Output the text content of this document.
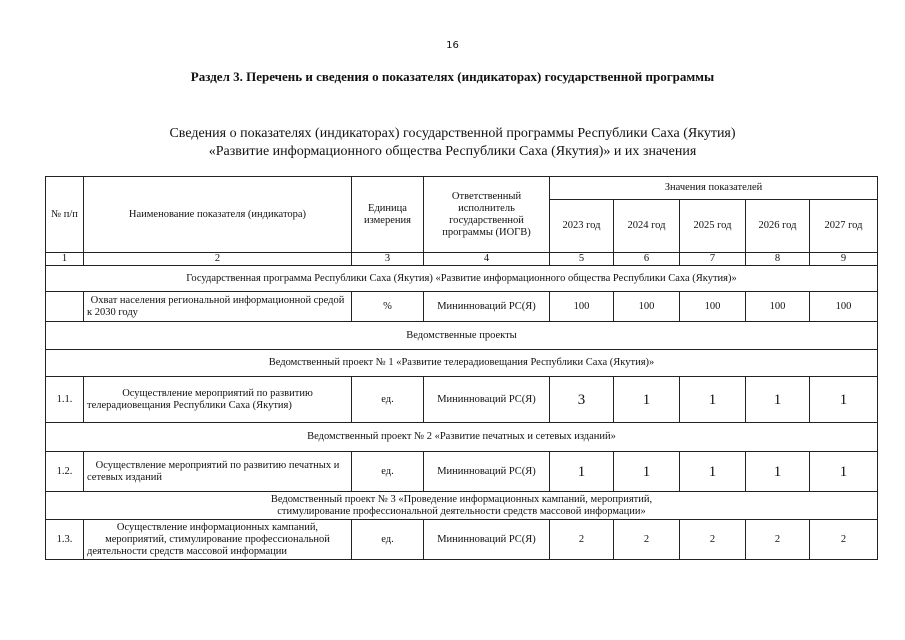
16
Раздел 3. Перечень и сведения о показателях (индикаторах) государственной программы
Сведения о показателях (индикаторах) государственной программы Республики Саха (Якутия)
«Развитие информационного общества Республики Саха (Якутия)» и их значения
№ п/п	Наименование показателя (индикатора)	Единица измерения	Ответственный исполнитель государственной программы (ИОГВ)	Значения показателей				
				2023 год	2024 год	2025 год	2026 год	2027 год
1	2	3	4	5	6	7	8	9
Государственная программа Республики Саха (Якутия) «Развитие информационного общества Республики Саха (Якутия)»								
	Охват населения региональной информационной средой к 2030 году	%	Мининноваций РС(Я)	100	100	100	100	100
Ведомственные проекты								
Ведомственный проект № 1 «Развитие телерадиовещания Республики Саха (Якутия)»								
1.1.	Осуществление мероприятий по развитию телерадиовещания Республики Саха (Якутия)	ед.	Мининноваций РС(Я)	3	1	1	1	1
Ведомственный проект № 2 «Развитие печатных и сетевых изданий»								
1.2.	Осуществление мероприятий по развитию печатных и сетевых изданий	ед.	Мининноваций РС(Я)	1	1	1	1	1
Ведомственный проект № 3 «Проведение информационных кампаний, мероприятий, стимулирование профессиональной деятельности средств массовой информации»								
1.3.	Осуществление информационных кампаний, мероприятий, стимулирование профессиональной деятельности средств массовой информации	ед.	Мининноваций РС(Я)	2	2	2	2	2
